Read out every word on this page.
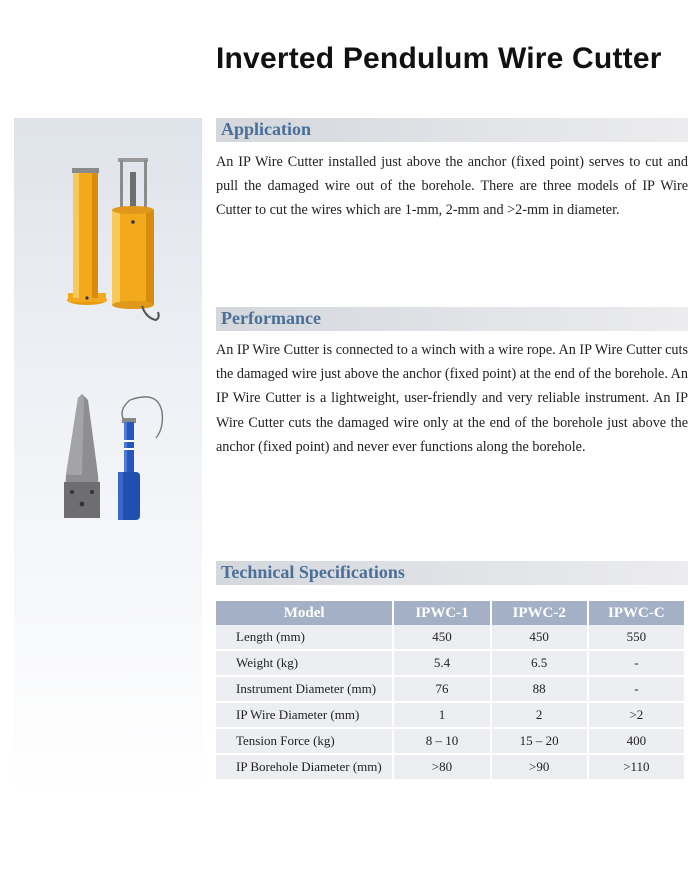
Inverted Pendulum Wire Cutter
Application

An IP Wire Cutter installed just above the anchor (fixed point) serves to cut and pull the damaged wire out of the borehole. There are three models of IP Wire Cutter to cut the wires which are 1-mm, 2-mm and >2-mm in diameter.

Performance

An IP Wire Cutter is connected to a winch with a wire rope. An IP Wire Cutter cuts the damaged wire just above the anchor (fixed point) at the end of the borehole. An IP Wire Cutter is a lightweight, user-friendly and very reliable instrument. An IP Wire Cutter cuts the damaged wire only at the end of the borehole just above the anchor (fixed point) and never ever functions along the borehole.

Technical Specifications
Model	IPWC-1	IPWC-2	IPWC-C
Length (mm)	450	450	550
Weight (kg)	5.4	6.5	-
Instrument Diameter (mm)	76	88	-
IP Wire Diameter (mm)	1	2	>2
Tension Force (kg)	8 – 10	15 – 20	400
IP Borehole Diameter (mm)	>80	>90	>110
